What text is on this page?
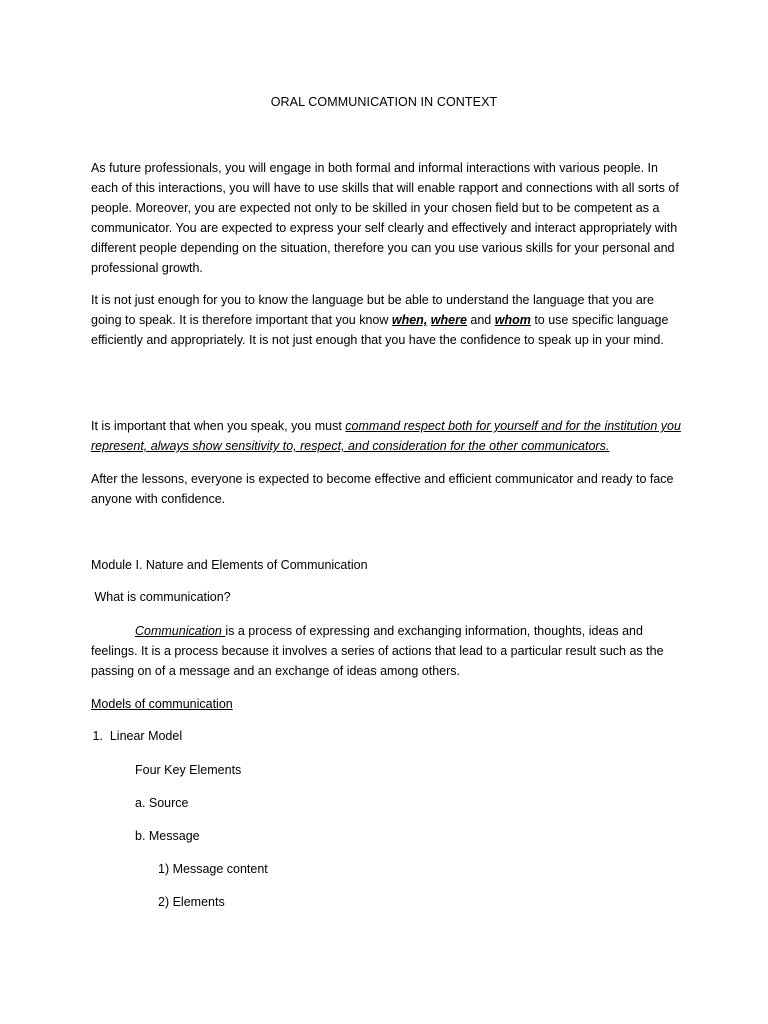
ORAL COMMUNICATION IN CONTEXT

As future professionals, you will engage in both formal and informal interactions with various people. In each of this interactions, you will have to use skills that will enable rapport and connections with all sorts of people. Moreover, you are expected not only to be skilled in your chosen field but to be competent as a communicator. You are expected to express your self clearly and effectively and interact appropriately with different people depending on the situation, therefore you can you use various skills for your personal and professional growth.

It is not just enough for you to know the language but be able to understand the language that you are going to speak. It is therefore important that you know when, where and whom to use specific language efficiently and appropriately. It is not just enough that you have the confidence to speak up in your mind.

It is important that when you speak, you must command respect both for yourself and for the institution you represent, always show sensitivity to, respect, and consideration for the other communicators.

After the lessons, everyone is expected to become effective and efficient communicator and ready to face anyone with confidence.

Module I. Nature and Elements of Communication

What is communication?

Communication is a process of expressing and exchanging information, thoughts, ideas and feelings. It is a process because it involves a series of actions that lead to a particular result such as the passing on of a message and an exchange of ideas among others.

Models of communication

1.  Linear Model

Four Key Elements

a. Source

b. Message

1) Message content

2) Elements
